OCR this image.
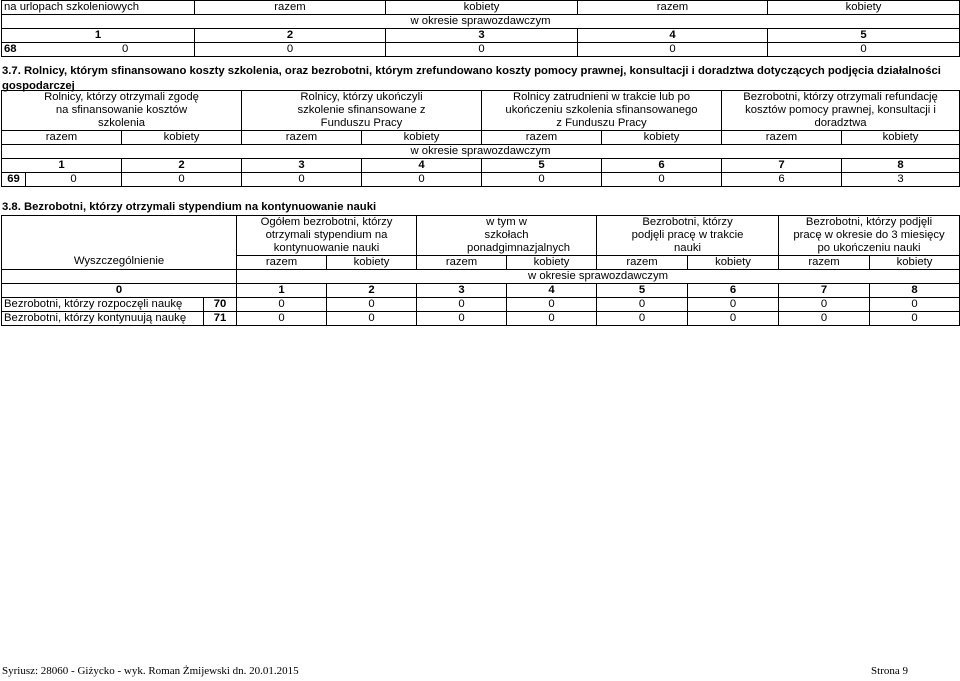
na urlopach szkoleniowych	razem	kobiety	razem	kobiety
w okresie sprawozdawczym				
1	2	3	4	5
68 0	0	0	0	0
3.7. Rolnicy, którym sfinansowano koszty szkolenia, oraz bezrobotni, którym zrefundowano koszty pomocy prawnej, konsultacji i doradztwa dotyczących podjęcia działalności gospodarczej
Rolnicy, którzy otrzymali zgodę na sfinansowanie kosztów szkolenia			Rolnicy, którzy ukończyli szkolenie sfinansowane z Funduszu Pracy		Rolnicy zatrudnieni w trakcie lub po ukończeniu szkolenia sfinansowanego z Funduszu Pracy		Bezrobotni, którzy otrzymali refundację kosztów pomocy prawnej, konsultacji i doradztwa	
razem		kobiety	razem	kobiety	razem	kobiety	razem	kobiety
w okresie sprawozdawczym								
1		2	3	4	5	6	7	8
69	0	0	0	0	0	0	6	3
3.8. Bezrobotni, którzy otrzymali stypendium na kontynuowanie nauki
Wyszczególnienie		Ogółem bezrobotni, którzy otrzymali stypendium na kontynuowanie nauki		w tym w szkołach ponadgimnazjalnych		Bezrobotni, którzy podjęli pracę w trakcie nauki		Bezrobotni, którzy podjęli pracę w okresie do 3 miesięcy po ukończeniu nauki	
		razem	kobiety	razem	kobiety	razem	kobiety	razem	kobiety
		w okresie sprawozdawczym							
0		1	2	3	4	5	6	7	8
Bezrobotni, którzy rozpoczęli naukę	70	0	0	0	0	0	0	0	0
Bezrobotni, którzy kontynuują naukę	71	0	0	0	0	0	0	0	0
Syriusz: 28060 - Giżycko - wyk. Roman Żmijewski dn. 20.01.2015	Strona 9
